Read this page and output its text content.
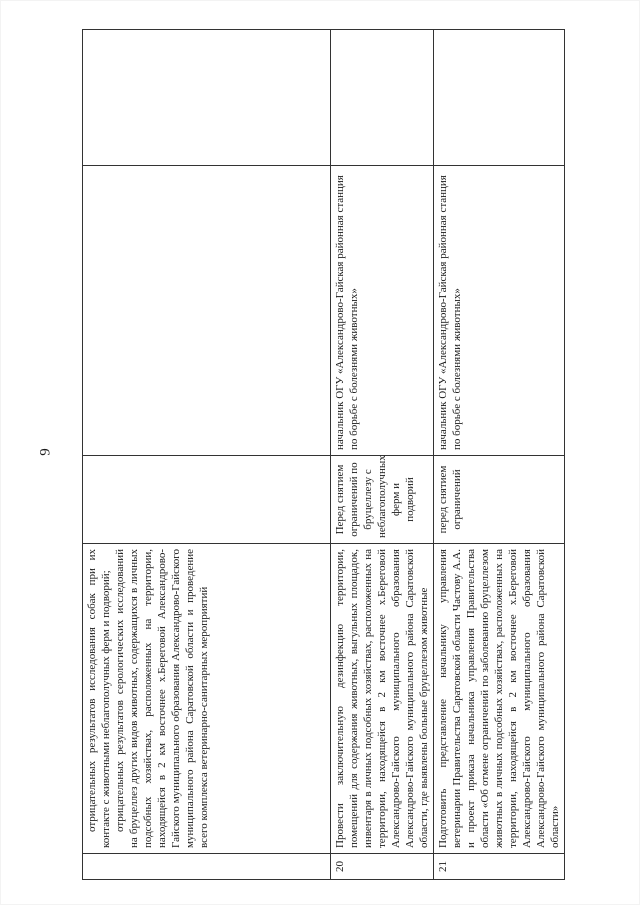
9

	отрицательных результатов исследования собак при их контакте с животными неблагополучных ферм и подворий; отрицательных результатов серологических исследований на бруцеллез других видов животных, содержащихся в личных подсобных хозяйствах, расположенных на территории, находящейся в 2 км восточнее х.Береговой Александрово-Гайского муниципального образования Александрово-Гайского муниципального района Саратовской области и проведение всего комплекса ветеринарно-санитарных мероприятий			

20	Провести заключительную дезинфекцию территории, помещений для содержания животных, выгульных площадок, инвентаря в личных подсобных хозяйствах, расположенных на территории, находящейся в 2 км восточнее х.Береговой Александрово-Гайского муниципального образования Александрово-Гайского муниципального района Саратовской области, где выявлены больные бруцеллезом животные	Перед снятием ограничений по бруцеллезу с неблагополучных ферм и подворий	начальник ОГУ «Александрово-Гайская районная станция по борьбе с болезнями животных»	
21	Подготовить представление начальнику управления ветеринарии Правительства Саратовской области Частову А.А. и проект приказа начальника управления Правительства области «Об отмене ограничений по заболеванию бруцеллезом животных в личных подсобных хозяйствах, расположенных на территории, находящейся в 2 км восточнее х.Береговой Александрово-Гайского муниципального образования Александрово-Гайского муниципального района Саратовской области»	перед снятием ограничений	начальник ОГУ «Александрово-Гайская районная станция по борьбе с болезнями животных»	
